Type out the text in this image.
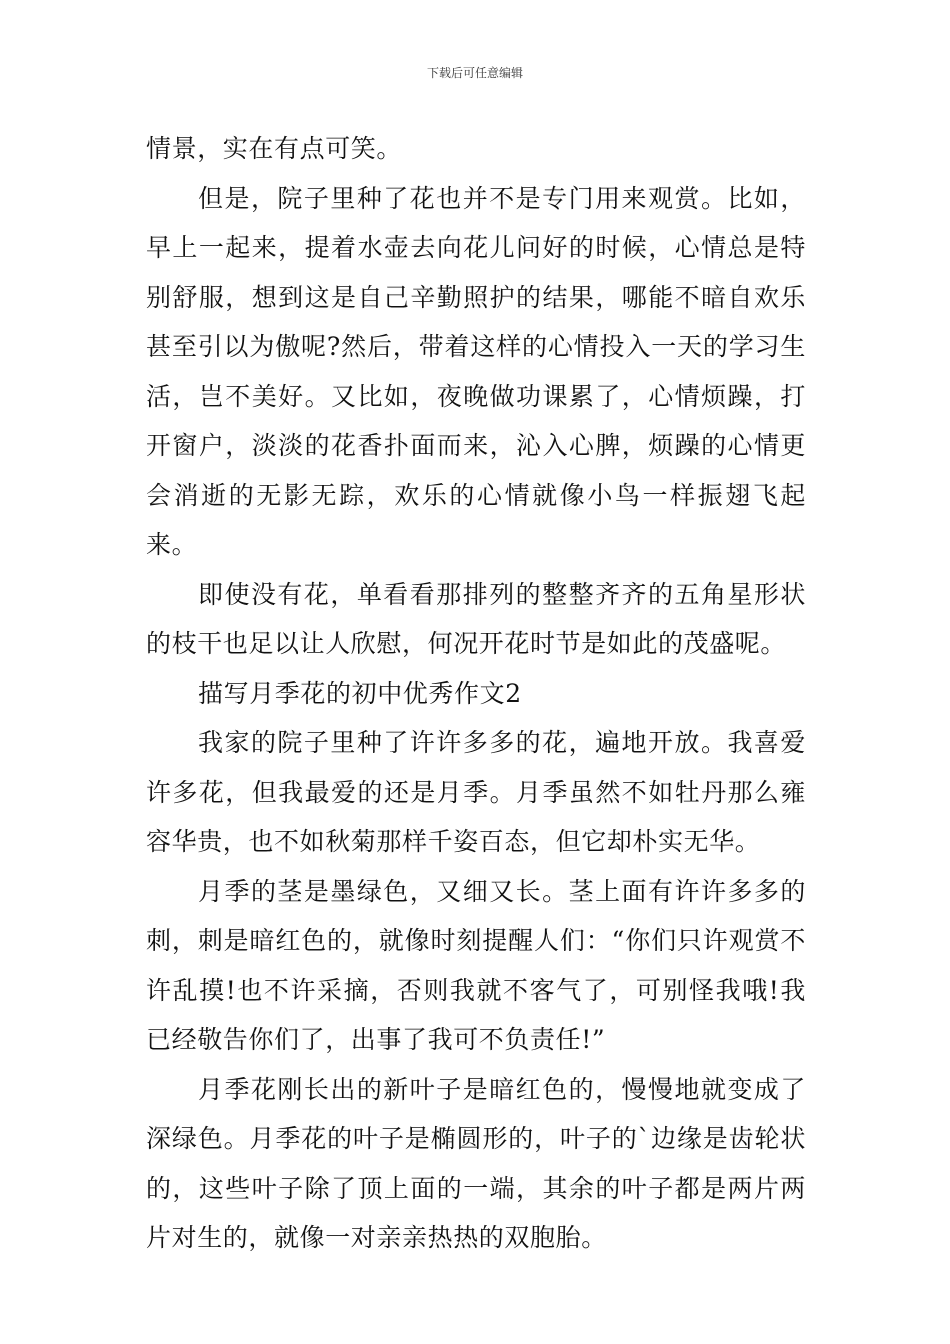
下载后可任意编辑

情景，实在有点可笑。

但是，院子里种了花也并不是专门用来观赏。比如，早上一起来，提着水壶去向花儿问好的时候，心情总是特别舒服，想到这是自己辛勤照护的结果，哪能不暗自欢乐甚至引以为傲呢?然后，带着这样的心情投入一天的学习生活，岂不美好。又比如，夜晚做功课累了，心情烦躁，打开窗户，淡淡的花香扑面而来，沁入心脾，烦躁的心情更会消逝的无影无踪，欢乐的心情就像小鸟一样振翅飞起来。

即使没有花，单看看那排列的整整齐齐的五角星形状的枝干也足以让人欣慰，何况开花时节是如此的茂盛呢。

描写月季花的初中优秀作文2

我家的院子里种了许许多多的花，遍地开放。我喜爱许多花，但我最爱的还是月季。月季虽然不如牡丹那么雍容华贵，也不如秋菊那样千姿百态，但它却朴实无华。

月季的茎是墨绿色，又细又长。茎上面有许许多多的刺，刺是暗红色的，就像时刻提醒人们：“你们只许观赏不许乱摸!也不许采摘，否则我就不客气了，可别怪我哦!我已经敬告你们了，出事了我可不负责任!”

月季花刚长出的新叶子是暗红色的，慢慢地就变成了深绿色。月季花的叶子是椭圆形的，叶子的`边缘是齿轮状的，这些叶子除了顶上面的一端，其余的叶子都是两片两片对生的，就像一对亲亲热热的双胞胎。
